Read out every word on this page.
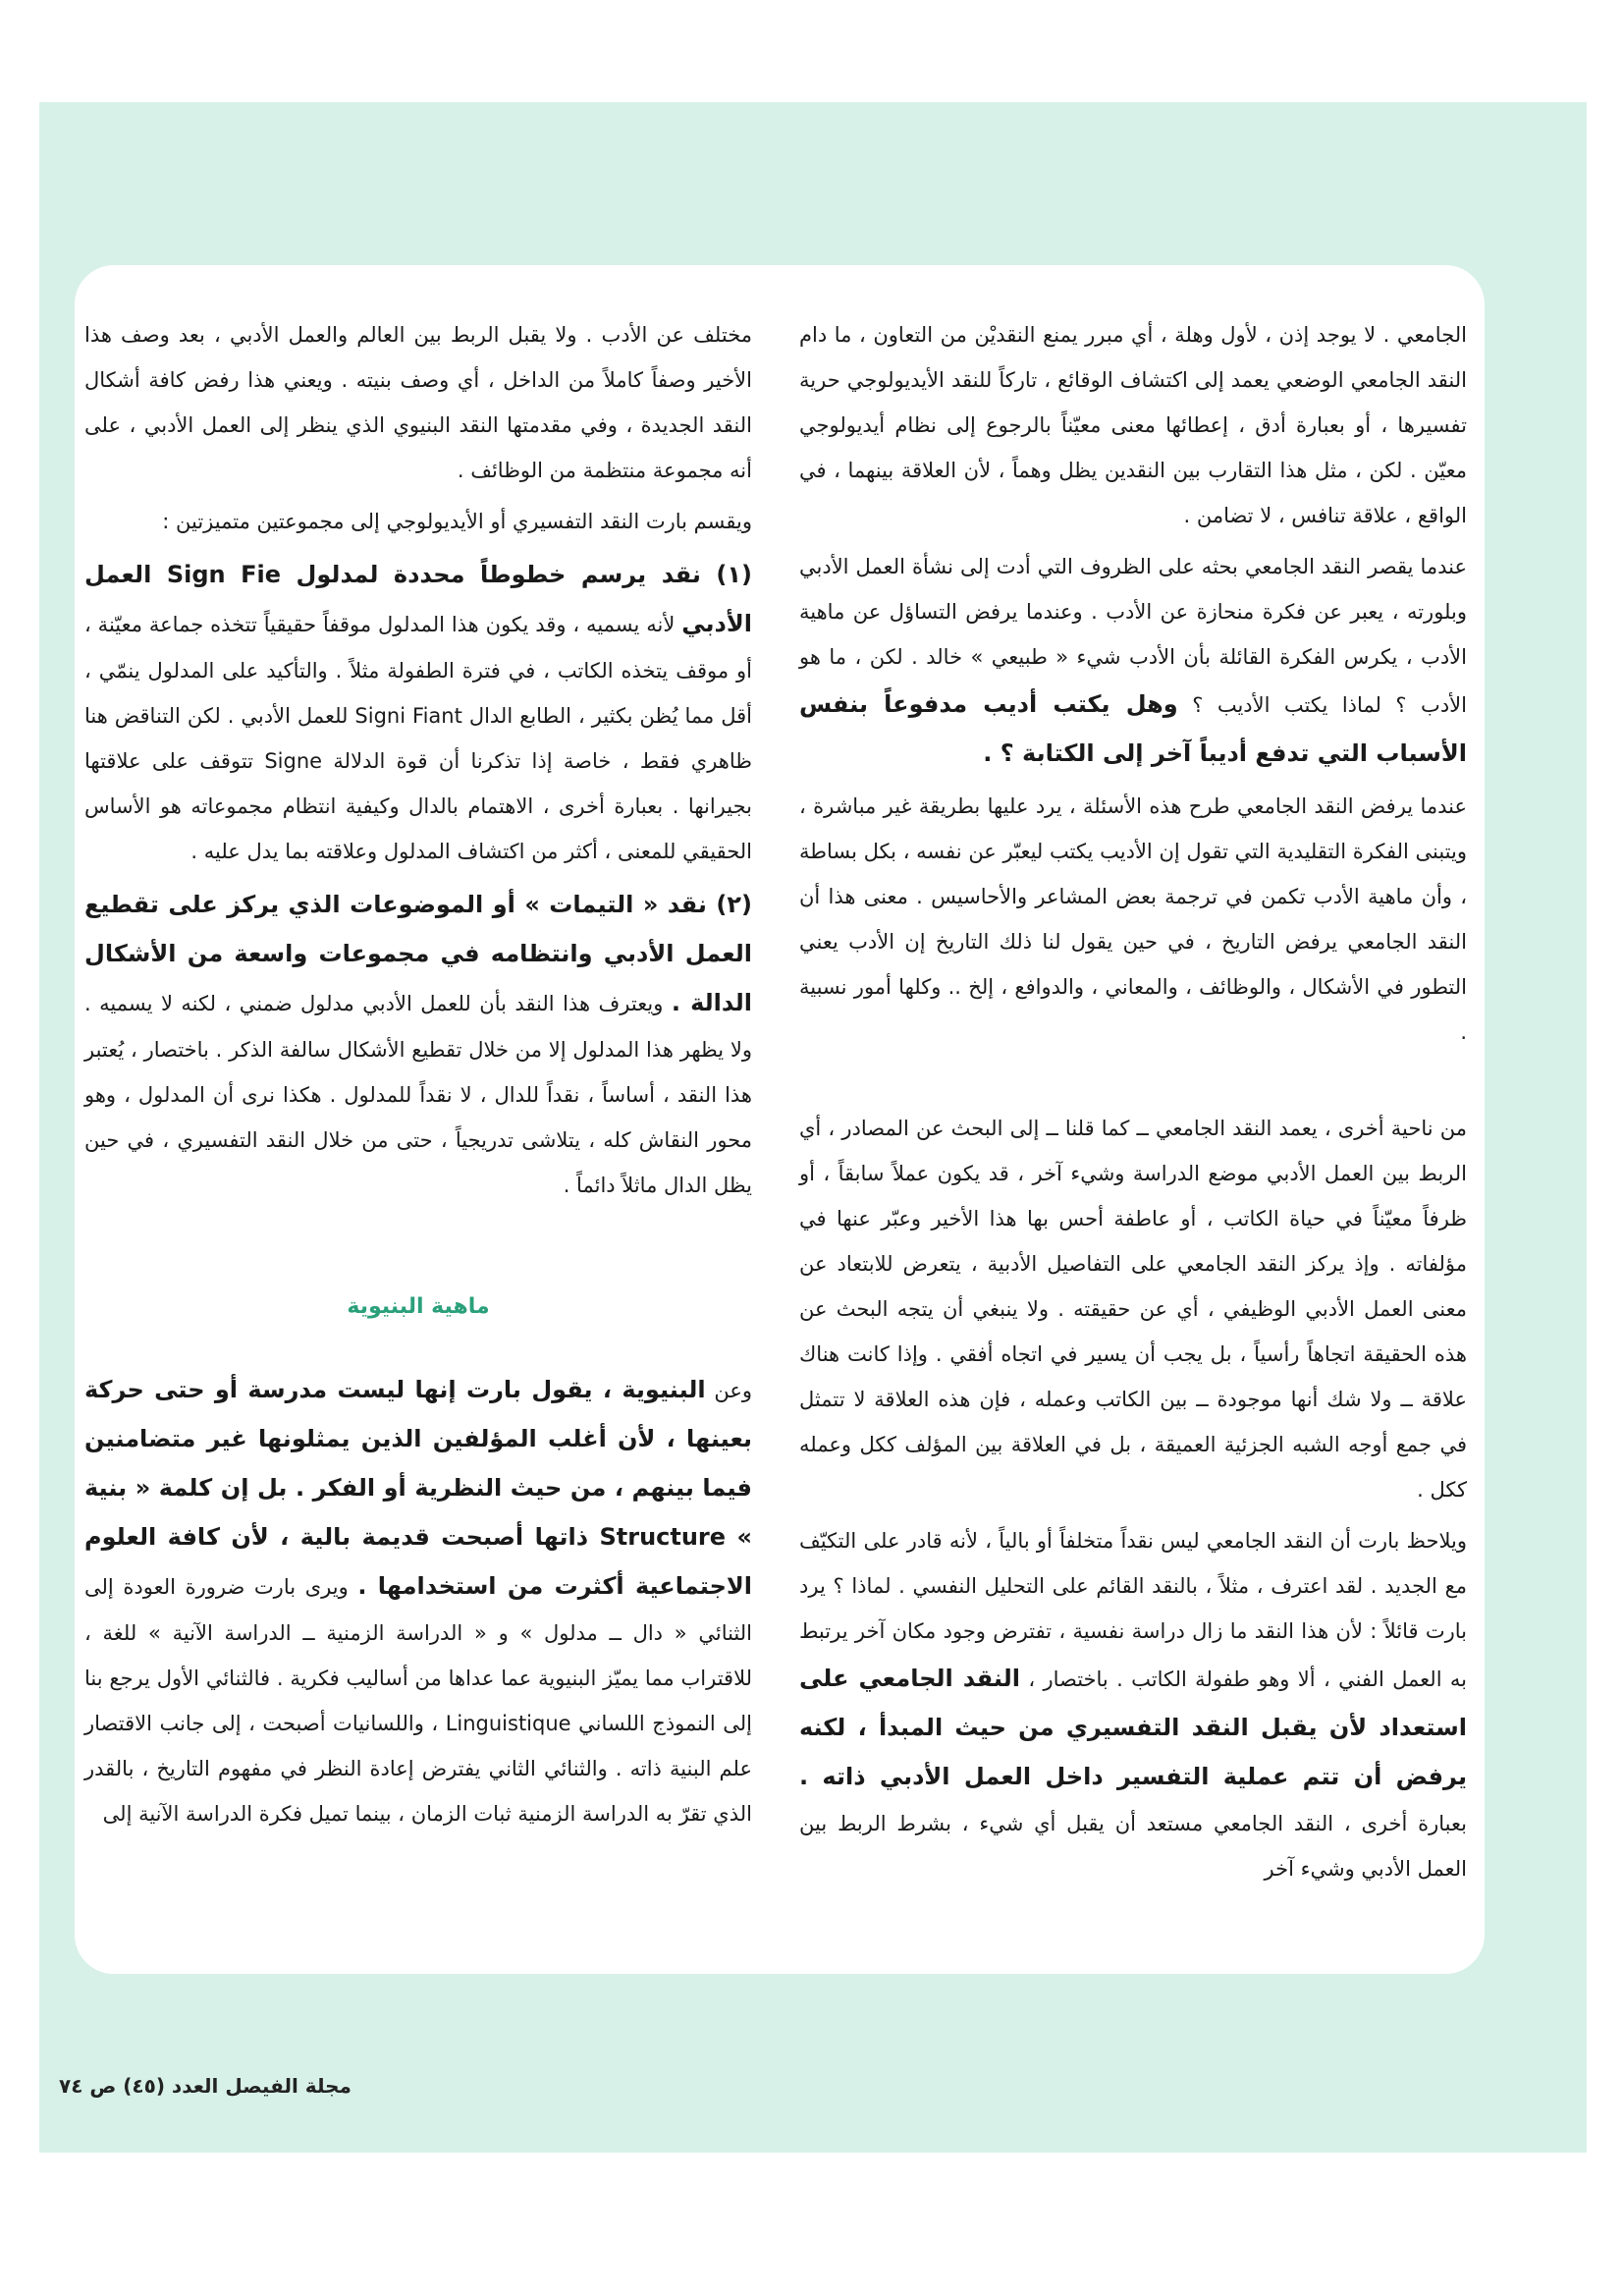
الجامعي . لا يوجد إذن ، لأول وهلة ، أي مبرر يمنع النقديْن من التعاون ، ما دام النقد الجامعي الوضعي يعمد إلى اكتشاف الوقائع ، تاركاً للنقد الأيديولوجي حرية تفسيرها ، أو بعبارة أدق ، إعطائها معنى معيّناً بالرجوع إلى نظام أيديولوجي معيّن . لكن ، مثل هذا التقارب بين النقدين يظل وهماً ، لأن العلاقة بينهما ، في الواقع ، علاقة تنافس ، لا تضامن .

عندما يقصر النقد الجامعي بحثه على الظروف التي أدت إلى نشأة العمل الأدبي وبلورته ، يعبر عن فكرة منحازة عن الأدب . وعندما يرفض التساؤل عن ماهية الأدب ، يكرس الفكرة القائلة بأن الأدب شيء « طبيعي » خالد . لكن ، ما هو الأدب ؟ لماذا يكتب الأديب ؟ وهل يكتب أديب مدفوعاً بنفس الأسباب التي تدفع أديباً آخر إلى الكتابة ؟ .

عندما يرفض النقد الجامعي طرح هذه الأسئلة ، يرد عليها بطريقة غير مباشرة ، ويتبنى الفكرة التقليدية التي تقول إن الأديب يكتب ليعبّر عن نفسه ، بكل بساطة ، وأن ماهية الأدب تكمن في ترجمة بعض المشاعر والأحاسيس . معنى هذا أن النقد الجامعي يرفض التاريخ ، في حين يقول لنا ذلك التاريخ إن الأدب يعني التطور في الأشكال ، والوظائف ، والمعاني ، والدوافع ، إلخ .. وكلها أمور نسبية .

من ناحية أخرى ، يعمد النقد الجامعي ــ كما قلنا ــ إلى البحث عن المصادر ، أي الربط بين العمل الأدبي موضع الدراسة وشيء آخر ، قد يكون عملاً سابقاً ، أو ظرفاً معيّناً في حياة الكاتب ، أو عاطفة أحس بها هذا الأخير وعبّر عنها في مؤلفاته . وإذ يركز النقد الجامعي على التفاصيل الأدبية ، يتعرض للابتعاد عن معنى العمل الأدبي الوظيفي ، أي عن حقيقته . ولا ينبغي أن يتجه البحث عن هذه الحقيقة اتجاهاً رأسياً ، بل يجب أن يسير في اتجاه أفقي . وإذا كانت هناك علاقة ــ ولا شك أنها موجودة ــ بين الكاتب وعمله ، فإن هذه العلاقة لا تتمثل في جمع أوجه الشبه الجزئية العميقة ، بل في العلاقة بين المؤلف ككل وعمله ككل .

ويلاحظ بارت أن النقد الجامعي ليس نقداً متخلفاً أو بالياً ، لأنه قادر على التكيّف مع الجديد . لقد اعترف ، مثلاً ، بالنقد القائم على التحليل النفسي . لماذا ؟ يرد بارت قائلاً : لأن هذا النقد ما زال دراسة نفسية ، تفترض وجود مكان آخر يرتبط به العمل الفني ، ألا وهو طفولة الكاتب . باختصار ، النقد الجامعي على استعداد لأن يقبل النقد التفسيري من حيث المبدأ ، لكنه يرفض أن تتم عملية التفسير داخل العمل الأدبي ذاته . بعبارة أخرى ، النقد الجامعي مستعد أن يقبل أي شيء ، بشرط الربط بين العمل الأدبي وشيء آخر

مختلف عن الأدب . ولا يقبل الربط بين العالم والعمل الأدبي ، بعد وصف هذا الأخير وصفاً كاملاً من الداخل ، أي وصف بنيته . ويعني هذا رفض كافة أشكال النقد الجديدة ، وفي مقدمتها النقد البنيوي الذي ينظر إلى العمل الأدبي ، على أنه مجموعة منتظمة من الوظائف .

ويقسم بارت النقد التفسيري أو الأيديولوجي إلى مجموعتين متميزتين :

(١) نقد يرسم خطوطاً محددة لمدلول Sign Fie العمل الأدبي لأنه يسميه ، وقد يكون هذا المدلول موقفاً حقيقياً تتخذه جماعة معيّنة ، أو موقف يتخذه الكاتب ، في فترة الطفولة مثلاً . والتأكيد على المدلول ينمّي ، أقل مما يُظن بكثير ، الطابع الدال Signi Fiant للعمل الأدبي . لكن التناقض هنا ظاهري فقط ، خاصة إذا تذكرنا أن قوة الدلالة Signe تتوقف على علاقتها بجيرانها . بعبارة أخرى ، الاهتمام بالدال وكيفية انتظام مجموعاته هو الأساس الحقيقي للمعنى ، أكثر من اكتشاف المدلول وعلاقته بما يدل عليه .

(٢) نقد « التيمات » أو الموضوعات الذي يركز على تقطيع العمل الأدبي وانتظامه في مجموعات واسعة من الأشكال الدالة . ويعترف هذا النقد بأن للعمل الأدبي مدلول ضمني ، لكنه لا يسميه . ولا يظهر هذا المدلول إلا من خلال تقطيع الأشكال سالفة الذكر . باختصار ، يُعتبر هذا النقد ، أساساً ، نقداً للدال ، لا نقداً للمدلول . هكذا نرى أن المدلول ، وهو محور النقاش كله ، يتلاشى تدريجياً ، حتى من خلال النقد التفسيري ، في حين يظل الدال ماثلاً دائماً .

ماهية البنيوية

وعن البنيوية ، يقول بارت إنها ليست مدرسة أو حتى حركة بعينها ، لأن أغلب المؤلفين الذين يمثلونها غير متضامنين فيما بينهم ، من حيث النظرية أو الفكر . بل إن كلمة « بنية » Structure ذاتها أصبحت قديمة بالية ، لأن كافة العلوم الاجتماعية أكثرت من استخدامها . ويرى بارت ضرورة العودة إلى الثنائي « دال ــ مدلول » و « الدراسة الزمنية ــ الدراسة الآنية » للغة ، للاقتراب مما يميّز البنيوية عما عداها من أساليب فكرية . فالثنائي الأول يرجع بنا إلى النموذج اللساني Linguistique ، واللسانيات أصبحت ، إلى جانب الاقتصار علم البنية ذاته . والثنائي الثاني يفترض إعادة النظر في مفهوم التاريخ ، بالقدر الذي تقرّ به الدراسة الزمنية ثبات الزمان ، بينما تميل فكرة الدراسة الآنية إلى

مجلة الفيصل العدد (٤٥) ص ٧٤
